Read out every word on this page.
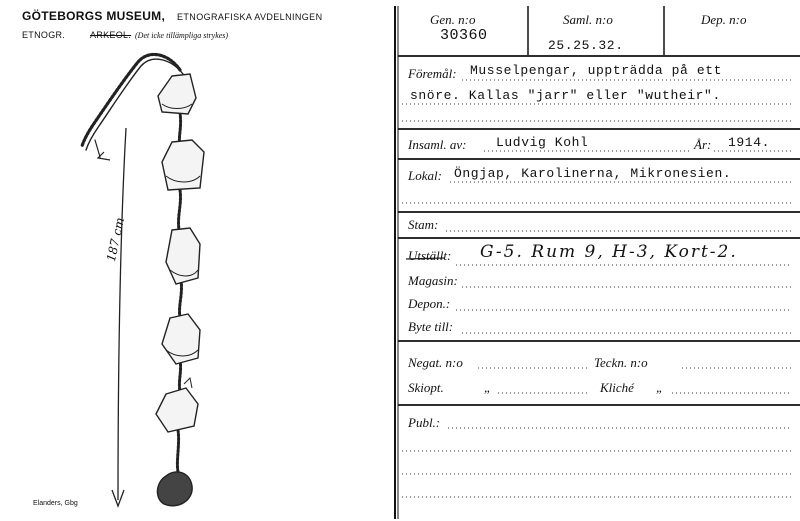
GÖTEBORGS MUSEUM, ETNOGRAFISKA AVDELNINGEN
ETNOGR.	ARKEOL. (Det icke tillämpliga strykes)
187 cm
Elanders, Gbg
Gen. n:o
30360
Saml. n:o
25.25.32.
Dep. n:o
Föremål: Musselpengar, uppträdda på ett
snöre. Kallas "jarr" eller "wutheir".
Insaml. av: Ludvig Kohl	År: 1914.
Lokal: Öngjap, Karolinerna, Mikronesien.
Stam:
Utställt: G-5. Rum 9, H-3, Kort-2.
Magasin:
Depon.:
Byte till:
Negat. n:o	Teckn. n:o
Skiopt.	„	Kliché „
Publ.:
